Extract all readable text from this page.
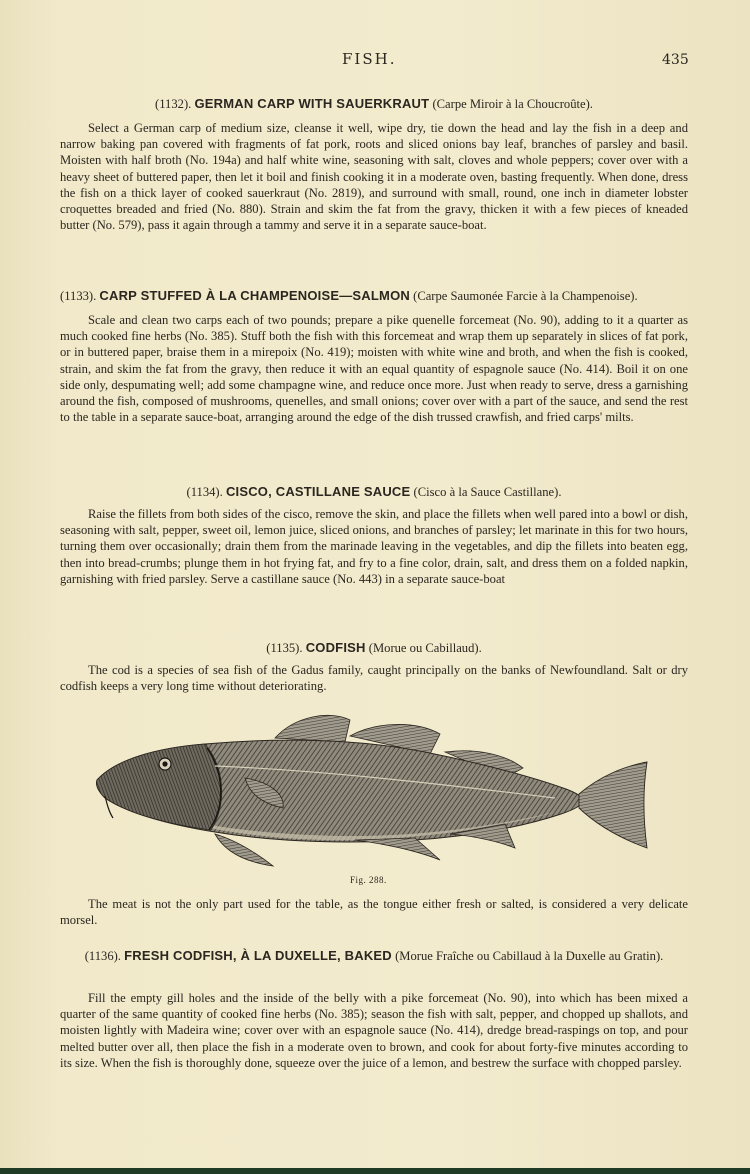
FISH.	435
(1132). GERMAN CARP WITH SAUERKRAUT (Carpe Miroir à la Choucroûte).

Select a German carp of medium size, cleanse it well, wipe dry, tie down the head and lay the fish in a deep and narrow baking pan covered with fragments of fat pork, roots and sliced onions bay leaf, branches of parsley and basil. Moisten with half broth (No. 194a) and half white wine, seasoning with salt, cloves and whole peppers; cover over with a heavy sheet of buttered paper, then let it boil and finish cooking it in a moderate oven, basting frequently. When done, dress the fish on a thick layer of cooked sauerkraut (No. 2819), and surround with small, round, one inch in diameter lobster croquettes breaded and fried (No. 880). Strain and skim the fat from the gravy, thicken it with a few pieces of kneaded butter (No. 579), pass it again through a tammy and serve it in a separate sauce-boat.

(1133). CARP STUFFED À LA CHAMPENOISE—SALMON (Carpe Saumonée Farcie à la Champenoise).

Scale and clean two carps each of two pounds; prepare a pike quenelle forcemeat (No. 90), adding to it a quarter as much cooked fine herbs (No. 385). Stuff both the fish with this forcemeat and wrap them up separately in slices of fat pork, or in buttered paper, braise them in a mirepoix (No. 419); moisten with white wine and broth, and when the fish is cooked, strain, and skim the fat from the gravy, then reduce it with an equal quantity of espagnole sauce (No. 414). Boil it on one side only, despumating well; add some champagne wine, and reduce once more. Just when ready to serve, dress a garnishing around the fish, composed of mushrooms, quenelles, and small onions; cover over with a part of the sauce, and send the rest to the table in a separate sauce-boat, arranging around the edge of the dish trussed crawfish, and fried carps' milts.

(1134). CISCO, CASTILLANE SAUCE (Cisco à la Sauce Castillane).

Raise the fillets from both sides of the cisco, remove the skin, and place the fillets when well pared into a bowl or dish, seasoning with salt, pepper, sweet oil, lemon juice, sliced onions, and branches of parsley; let marinate in this for two hours, turning them over occasionally; drain them from the marinade leaving in the vegetables, and dip the fillets into beaten egg, then into bread-crumbs; plunge them in hot frying fat, and fry to a fine color, drain, salt, and dress them on a folded napkin, garnishing with fried parsley. Serve a castillane sauce (No. 443) in a separate sauce-boat

(1135). CODFISH (Morue ou Cabillaud).

The cod is a species of sea fish of the Gadus family, caught principally on the banks of Newfoundland. Salt or dry codfish keeps a very long time without deteriorating.

Fig. 288.

The meat is not the only part used for the table, as the tongue either fresh or salted, is considered a very delicate morsel.

(1136). FRESH CODFISH, À LA DUXELLE, BAKED (Morue Fraîche ou Cabillaud à la Duxelle au Gratin).

Fill the empty gill holes and the inside of the belly with a pike forcemeat (No. 90), into which has been mixed a quarter of the same quantity of cooked fine herbs (No. 385); season the fish with salt, pepper, and chopped up shallots, and moisten lightly with Madeira wine; cover over with an espagnole sauce (No. 414), dredge bread-raspings on top, and pour melted butter over all, then place the fish in a moderate oven to brown, and cook for about forty-five minutes according to its size. When the fish is thoroughly done, squeeze over the juice of a lemon, and bestrew the surface with chopped parsley.
